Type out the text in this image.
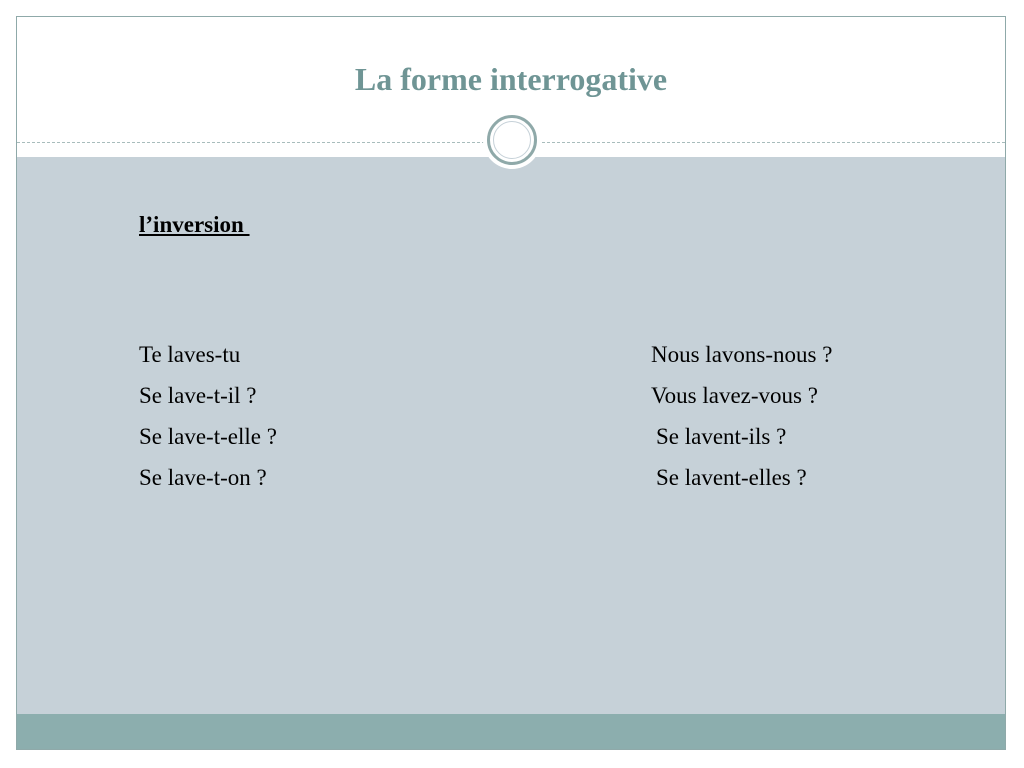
La forme interrogative

l’inversion

Te laves-tu
Se lave-t-il ?
Se lave-t-elle ?
Se lave-t-on ?
Nous lavons-nous ?
Vous lavez-vous ?
Se lavent-ils ?
Se lavent-elles ?
